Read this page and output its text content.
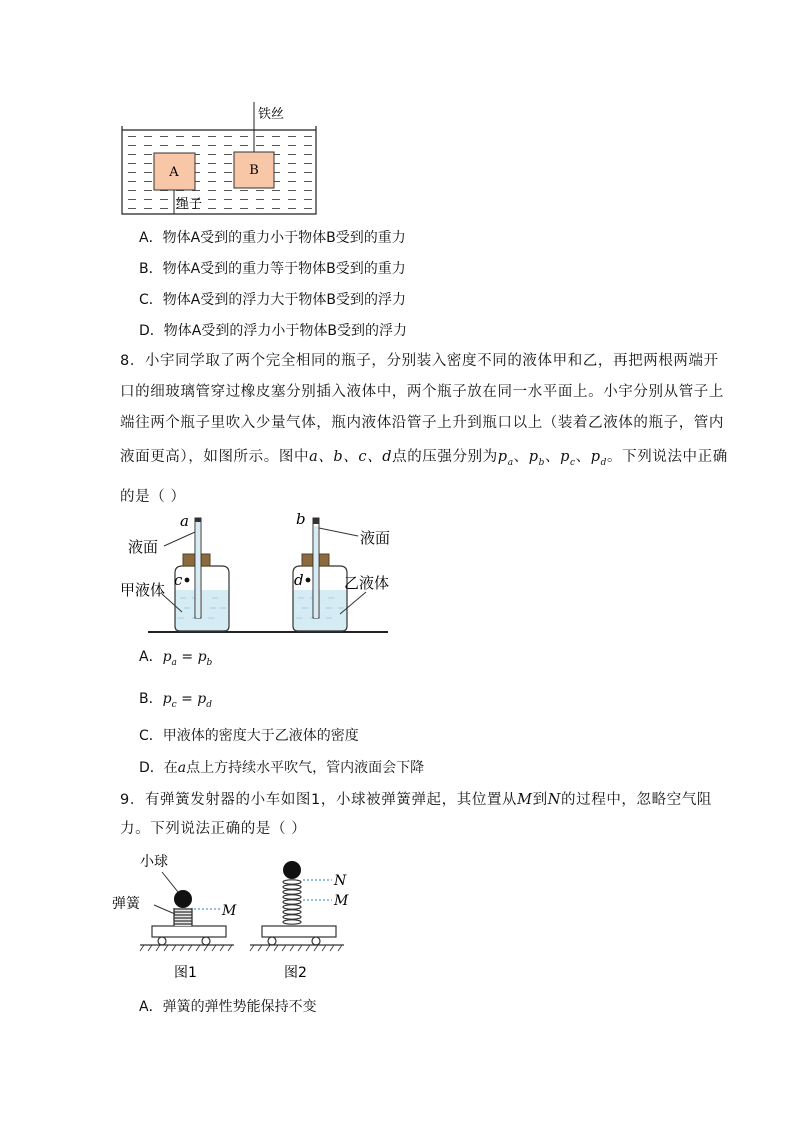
A	B
铁丝
绳子
A．物体A受到的重力小于物体B受到的重力
B．物体A受到的重力等于物体B受到的重力
C．物体A受到的浮力大于物体B受到的浮力
D．物体A受到的浮力小于物体B受到的浮力
8．小宇同学取了两个完全相同的瓶子，分别装入密度不同的液体甲和乙，再把两根两端开
口的细玻璃管穿过橡皮塞分别插入液体中，两个瓶子放在同一水平面上。小宇分别从管子上
端往两个瓶子里吹入少量气体，瓶内液体沿管子上升到瓶口以上（装着乙液体的瓶子，管内
液面更高），如图所示。图中a、b、c、d点的压强分别为$p_a$、$p_b$、$p_c$、$p_d$。下列说法中正确
的是（ ）
a	b
c	d
液面	液面
甲液体	乙液体
A．$p_a = p_b$
B．$p_c = p_d$
C．甲液体的密度大于乙液体的密度
D．在a点上方持续水平吹气，管内液面会下降
9．有弹簧发射器的小车如图1，小球被弹簧弹起，其位置从M到N的过程中，忽略空气阻
力。下列说法正确的是（ ）
小球
弹簧	M
N
M
图1	图2
A．弹簧的弹性势能保持不变
